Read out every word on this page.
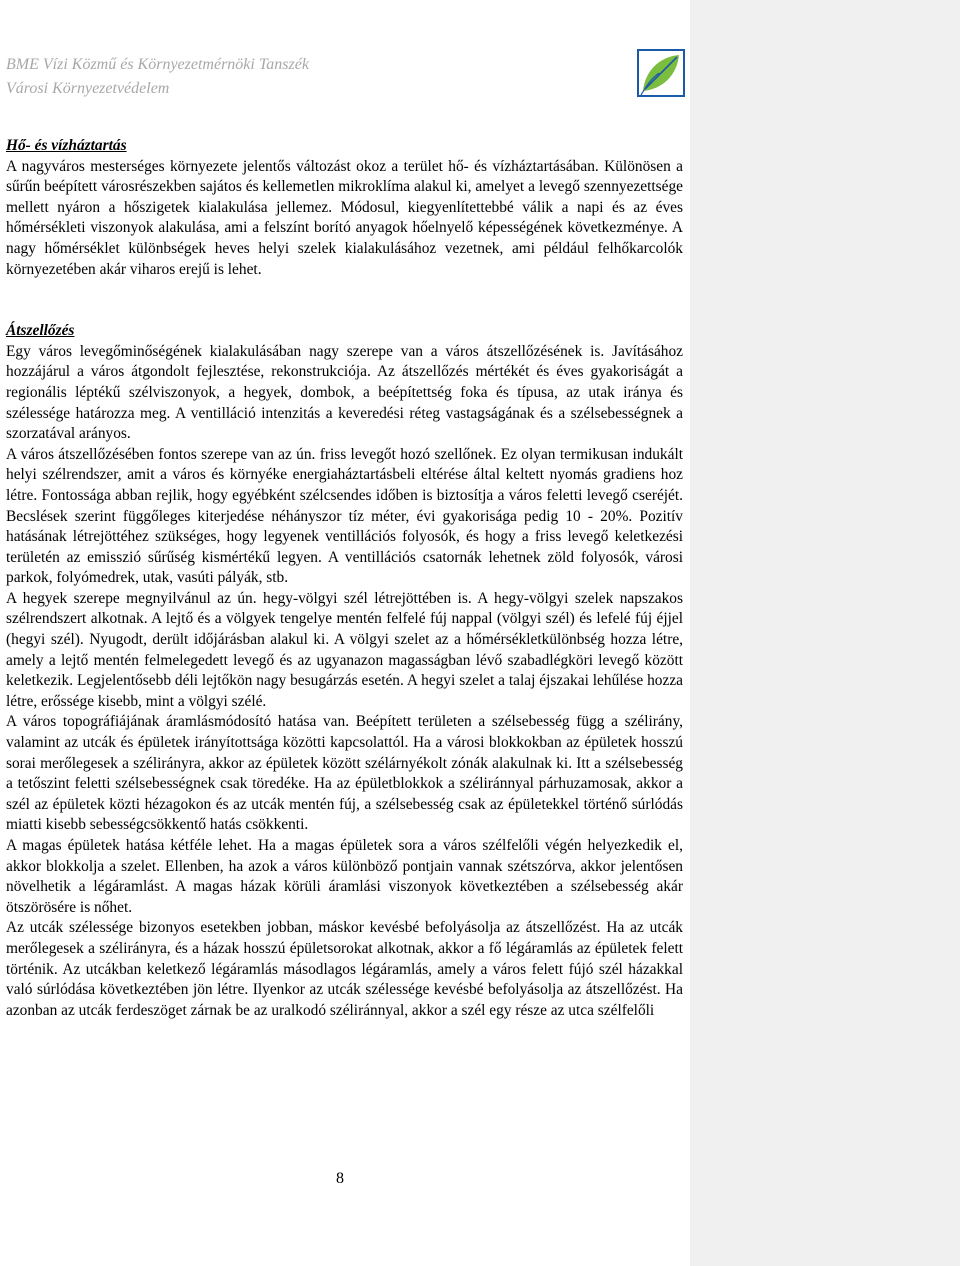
BME Vízi Közmű és Környezetmérnöki Tanszék
Városi Környezetvédelem

Hő- és vízháztartás

A nagyváros mesterséges környezete jelentős változást okoz a terület hő- és vízháztartásában. Különösen a sűrűn beépített városrészekben sajátos és kellemetlen mikroklíma alakul ki, amelyet a levegő szennyezettsége mellett nyáron a hőszigetek kialakulása jellemez. Módosul, kiegyenlítettebbé válik a napi és az éves hőmérsékleti viszonyok alakulása, ami a felszínt borító anyagok hőelnyelő képességének következménye. A nagy hőmérséklet különbségek heves helyi szelek kialakulásához vezetnek, ami például felhőkarcolók környezetében akár viharos erejű is lehet.

Átszellőzés

Egy város levegőminőségének kialakulásában nagy szerepe van a város átszellőzésének is. Javításához hozzájárul a város átgondolt fejlesztése, rekonstrukciója. Az átszellőzés mértékét és éves gyakoriságát a regionális léptékű szélviszonyok, a hegyek, dombok, a beépítettség foka és típusa, az utak iránya és szélessége határozza meg. A ventilláció intenzitás a keveredési réteg vastagságának és a szélsebességnek a szorzatával arányos.

A város átszellőzésében fontos szerepe van az ún. friss levegőt hozó szellőnek. Ez olyan termikusan indukált helyi szélrendszer, amit a város és környéke energiaháztartásbeli eltérése által keltett nyomás gradiens hoz létre. Fontossága abban rejlik, hogy egyébként szélcsendes időben is biztosítja a város feletti levegő cseréjét. Becslések szerint függőleges kiterjedése néhányszor tíz méter, évi gyakorisága pedig 10 - 20%. Pozitív hatásának létrejöttéhez szükséges, hogy legyenek ventillációs folyosók, és hogy a friss levegő keletkezési területén az emisszió sűrűség kismértékű legyen. A ventillációs csatornák lehetnek zöld folyosók, városi parkok, folyómedrek, utak, vasúti pályák, stb.

A hegyek szerepe megnyilvánul az ún. hegy-völgyi szél létrejöttében is. A hegy-völgyi szelek napszakos szélrendszert alkotnak. A lejtő és a völgyek tengelye mentén felfelé fúj nappal (völgyi szél) és lefelé fúj éjjel (hegyi szél). Nyugodt, derült időjárásban alakul ki. A völgyi szelet az a hőmérsékletkülönbség hozza létre, amely a lejtő mentén felmelegedett levegő és az ugyanazon magasságban lévő szabadlégköri levegő között keletkezik. Legjelentősebb déli lejtőkön nagy besugárzás esetén. A hegyi szelet a talaj éjszakai lehűlése hozza létre, erőssége kisebb, mint a völgyi szélé.

A város topográfiájának áramlásmódosító hatása van. Beépített területen a szélsebesség függ a szélirány, valamint az utcák és épületek irányítottsága közötti kapcsolattól. Ha a városi blokkokban az épületek hosszú sorai merőlegesek a szélirányra, akkor az épületek között szélárnyékolt zónák alakulnak ki. Itt a szélsebesség a tetőszint feletti szélsebességnek csak töredéke. Ha az épületblokkok a széliránnyal párhuzamosak, akkor a szél az épületek közti hézagokon és az utcák mentén fúj, a szélsebesség csak az épületekkel történő súrlódás miatti kisebb sebességcsökkentő hatás csökkenti.

A magas épületek hatása kétféle lehet. Ha a magas épületek sora a város szélfelőli végén helyezkedik el, akkor blokkolja a szelet. Ellenben, ha azok a város különböző pontjain vannak szétszórva, akkor jelentősen növelhetik a légáramlást. A magas házak körüli áramlási viszonyok következtében a szélsebesség akár ötszörösére is nőhet.

Az utcák szélessége bizonyos esetekben jobban, máskor kevésbé befolyásolja az átszellőzést. Ha az utcák merőlegesek a szélirányra, és a házak hosszú épületsorokat alkotnak, akkor a fő légáramlás az épületek felett történik. Az utcákban keletkező légáramlás másodlagos légáramlás, amely a város felett fújó szél házakkal való súrlódása következtében jön létre. Ilyenkor az utcák szélessége kevésbé befolyásolja az átszellőzést. Ha azonban az utcák ferdeszöget zárnak be az uralkodó széliránnyal, akkor a szél egy része az utca szélfelőli

8
